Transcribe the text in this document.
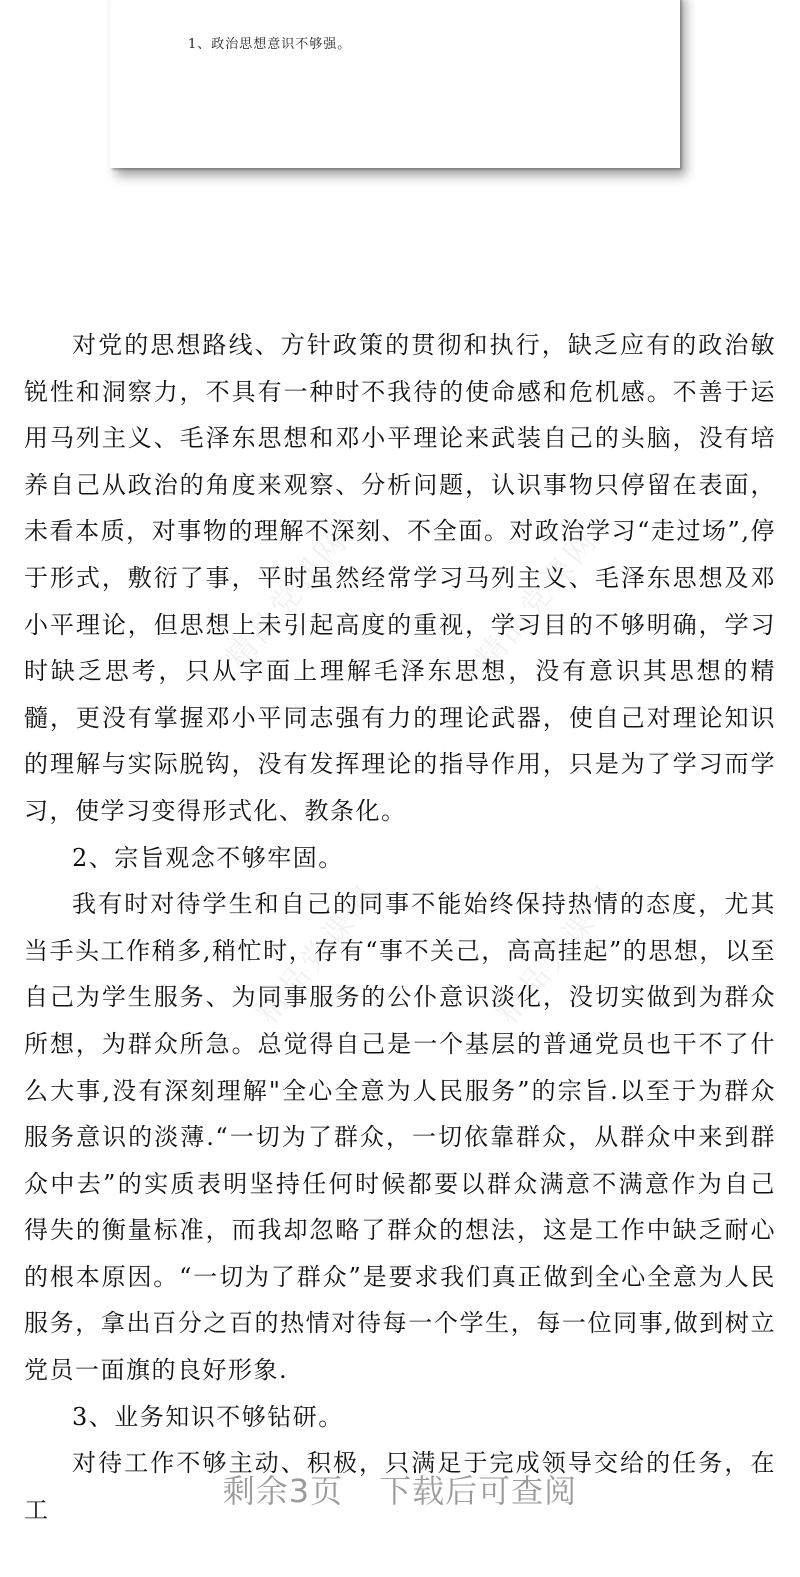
1、政治思想意识不够强。
精品党课网	精品党课网
精品党课网	精品党课网

对党的思想路线、方针政策的贯彻和执行，缺乏应有的政治敏锐性和洞察力，不具有一种时不我待的使命感和危机感。不善于运用马列主义、毛泽东思想和邓小平理论来武装自己的头脑，没有培养自己从政治的角度来观察、分析问题，认识事物只停留在表面，未看本质，对事物的理解不深刻、不全面。对政治学习“走过场”,停于形式，敷衍了事，平时虽然经常学习马列主义、毛泽东思想及邓小平理论，但思想上未引起高度的重视，学习目的不够明确，学习时缺乏思考，只从字面上理解毛泽东思想，没有意识其思想的精髓，更没有掌握邓小平同志强有力的理论武器，使自己对理论知识的理解与实际脱钩，没有发挥理论的指导作用，只是为了学习而学习，使学习变得形式化、教条化。

2、宗旨观念不够牢固。

我有时对待学生和自己的同事不能始终保持热情的态度，尤其当手头工作稍多,稍忙时，存有“事不关己，高高挂起”的思想，以至自己为学生服务、为同事服务的公仆意识淡化，没切实做到为群众所想，为群众所急。总觉得自己是一个基层的普通党员也干不了什么大事,没有深刻理解"全心全意为人民服务”的宗旨.以至于为群众服务意识的淡薄.“一切为了群众，一切依靠群众，从群众中来到群众中去”的实质表明坚持任何时候都要以群众满意不满意作为自己得失的衡量标准，而我却忽略了群众的想法，这是工作中缺乏耐心的根本原因。“一切为了群众”是要求我们真正做到全心全意为人民服务，拿出百分之百的热情对待每一个学生，每一位同事,做到树立党员一面旗的良好形象.

3、业务知识不够钻研。

对待工作不够主动、积极，只满足于完成领导交给的任务，在工	剩余3页 下载后可查阅
